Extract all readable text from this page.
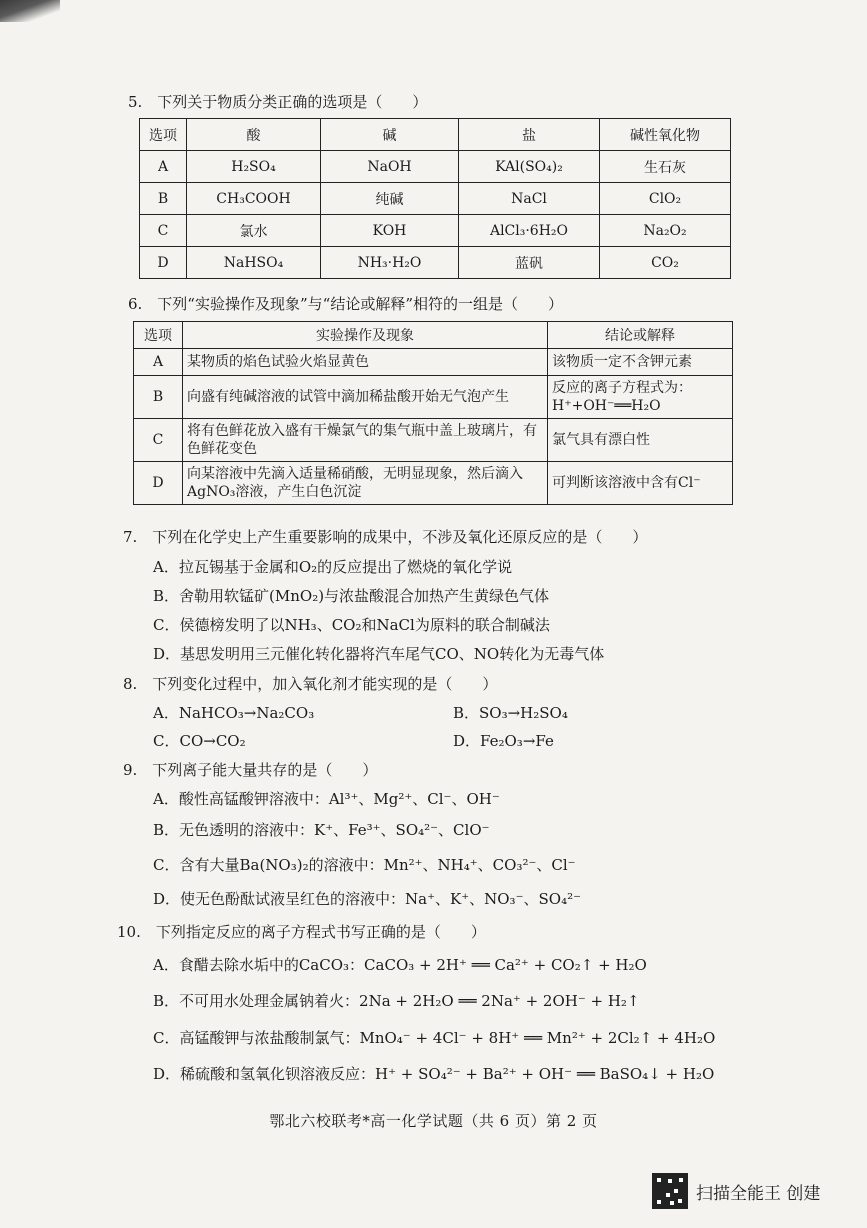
5.　下列关于物质分类正确的选项是（　　）
选项	酸	碱	盐	碱性氧化物
A	H₂SO₄	NaOH	KAl(SO₄)₂	生石灰
B	CH₃COOH	纯碱	NaCl	ClO₂
C	氯水	KOH	AlCl₃·6H₂O	Na₂O₂
D	NaHSO₄	NH₃·H₂O	蓝矾	CO₂
6.　下列“实验操作及现象”与“结论或解释”相符的一组是（　　）
选项	实验操作及现象	结论或解释
A	某物质的焰色试验火焰显黄色	该物质一定不含钾元素
B	向盛有纯碱溶液的试管中滴加稀盐酸开始无气泡产生	反应的离子方程式为：H⁺+OH⁻══H₂O
C	将有色鲜花放入盛有干燥氯气的集气瓶中盖上玻璃片，有色鲜花变色	氯气具有漂白性
D	向某溶液中先滴入适量稀硝酸，无明显现象，然后滴入AgNO₃溶液，产生白色沉淀	可判断该溶液中含有Cl⁻
7.　下列在化学史上产生重要影响的成果中，不涉及氧化还原反应的是（　　）
A．拉瓦锡基于金属和O₂的反应提出了燃烧的氧化学说
B．舍勒用软锰矿(MnO₂)与浓盐酸混合加热产生黄绿色气体
C．侯德榜发明了以NH₃、CO₂和NaCl为原料的联合制碱法
D．基思发明用三元催化转化器将汽车尾气CO、NO转化为无毒气体
8.　下列变化过程中，加入氧化剂才能实现的是（　　）
A．NaHCO₃→Na₂CO₃	B．SO₃→H₂SO₄
C．CO→CO₂	D．Fe₂O₃→Fe
9.　下列离子能大量共存的是（　　）
A．酸性高锰酸钾溶液中：Al³⁺、Mg²⁺、Cl⁻、OH⁻
B．无色透明的溶液中：K⁺、Fe³⁺、SO₄²⁻、ClO⁻
C．含有大量Ba(NO₃)₂的溶液中：Mn²⁺、NH₄⁺、CO₃²⁻、Cl⁻
D．使无色酚酞试液呈红色的溶液中：Na⁺、K⁺、NO₃⁻、SO₄²⁻
10.　下列指定反应的离子方程式书写正确的是（　　）
A．食醋去除水垢中的CaCO₃：CaCO₃ + 2H⁺ ══ Ca²⁺ + CO₂↑ + H₂O
B．不可用水处理金属钠着火：2Na + 2H₂O ══ 2Na⁺ + 2OH⁻ + H₂↑
C．高锰酸钾与浓盐酸制氯气：MnO₄⁻ + 4Cl⁻ + 8H⁺ ══ Mn²⁺ + 2Cl₂↑ + 4H₂O
D．稀硫酸和氢氧化钡溶液反应：H⁺ + SO₄²⁻ + Ba²⁺ + OH⁻ ══ BaSO₄↓ + H₂O
鄂北六校联考*高一化学试题（共 6 页）第 2 页
扫描全能王 创建
